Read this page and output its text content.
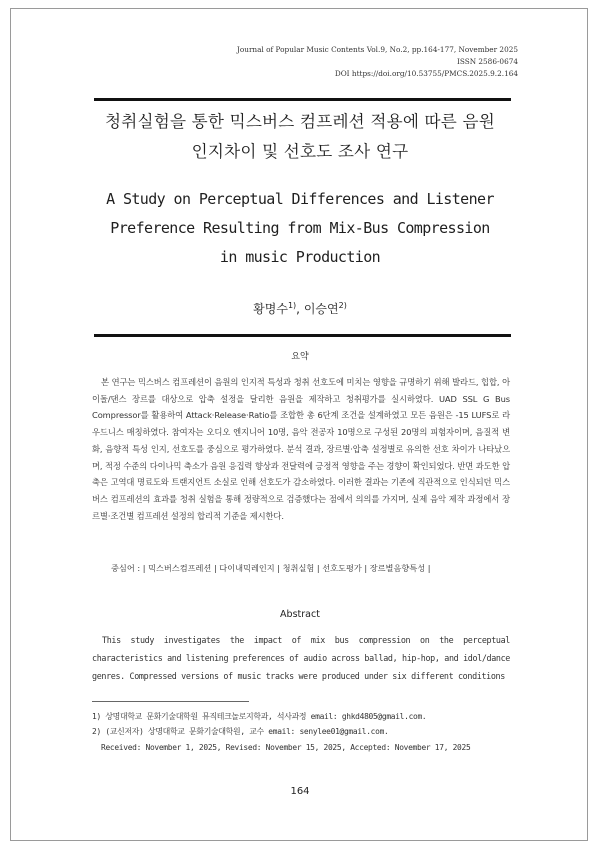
Journal of Popular Music Contents Vol.9, No.2, pp.164-177, November 2025
ISSN 2586-0674
DOI https://doi.org/10.53755/PMCS.2025.9.2.164
청취실험을 통한 믹스버스 컴프레션 적용에 따른 음원
인지차이 및 선호도 조사 연구
A Study on Perceptual Differences and Listener
Preference Resulting from Mix-Bus Compression
in music Production
황명수$^{1)}$, 이승연$^{2)}$
요약

본 연구는 믹스버스 컴프레션이 음원의 인지적 특성과 청취 선호도에 미치는 영향을 규명하기 위해 발라드, 힙합, 아이돌/댄스 장르를 대상으로 압축 설정을 달리한 음원을 제작하고 청취평가를 실시하였다. UAD SSL G Bus Compressor를 활용하여 Attack·Release·Ratio를 조합한 총 6단계 조건을 설계하였고 모든 음원은 -15 LUFS로 라우드니스 매칭하였다. 참여자는 오디오 엔지니어 10명, 음악 전공자 10명으로 구성된 20명의 피험자이며, 음질적 변화, 음향적 특성 인지, 선호도를 중심으로 평가하였다. 분석 결과, 장르별·압축 설정별로 유의한 선호 차이가 나타났으며, 적정 수준의 다이나믹 축소가 음원 응집력 향상과 전달력에 긍정적 영향을 주는 경향이 확인되었다. 반면 과도한 압축은 고역대 명료도와 트랜지언트 소실로 인해 선호도가 감소하였다. 이러한 결과는 기존에 직관적으로 인식되던 믹스버스 컴프레션의 효과를 청취 실험을 통해 정량적으로 검증했다는 점에서 의의를 가지며, 실제 음악 제작 과정에서 장르별·조건별 컴프레션 설정의 합리적 기준을 제시한다.

중심어 : | 믹스버스컴프레션 | 다이내믹레인지 | 청취실험 | 선호도평가 | 장르별음향특성 |
Abstract

This study investigates the impact of mix bus compression on the perceptual characteristics and listening preferences of audio across ballad, hip-hop, and idol/dance genres. Compressed versions of music tracks were produced under six different conditions

1) 상명대학교 문화기술대학원 뮤직테크놀로지학과, 석사과정 email: ghkd4805@gmail.com.
2) (교신저자) 상명대학교 문화기술대학원, 교수 email: senylee01@gmail.com.
Received: November 1, 2025, Revised: November 15, 2025, Accepted: November 17, 2025
164
